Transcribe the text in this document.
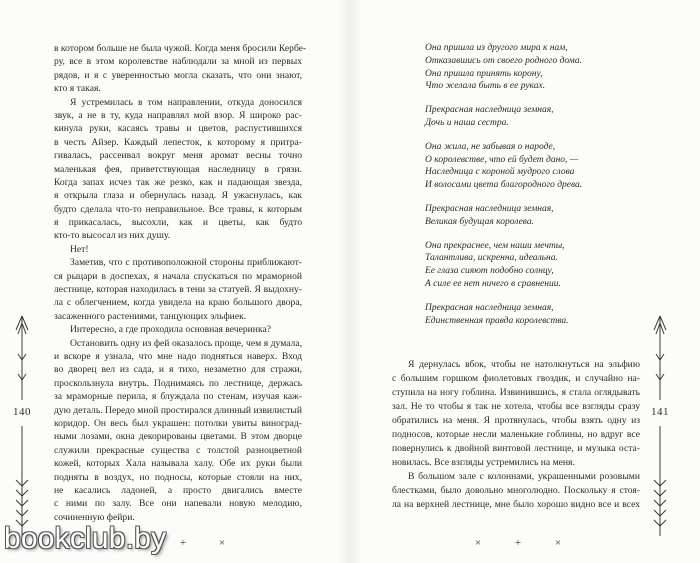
в котором больше не была чужой. Когда меня бросили Кербе-
ру, все в этом королевстве наблюдали за мной из первых
рядов, и я с уверенностью могла сказать, что они знают,
кто я такая.
Я устремилась в том направлении, откуда доносился
звук, а не в ту, куда направлял мой взор. Я широко рас-
кинула руки, касаясь травы и цветов, распустившихся
в честь Айзер. Каждый лепесток, к которому я притра-
гивалась, рассеивал вокруг меня аромат весны точно
маленькая фея, приветствующая наследницу в грязи.
Когда запах исчез так же резко, как и падающая звезда,
я открыла глаза и обернулась назад. Я ужаснулась, как
будто сделала что-то неправильное. Все травы, к которым
я прикасалась, высохли, как и цветы, как будто
кто-то высосал из них душу.
Нет!
Заметив, что с противоположной стороны приближают-
ся рыцари в доспехах, я начала спускаться по мраморной
лестнице, которая находилась в тени за статуей. Я выдохну-
ла с облегчением, когда увидела на краю большого двора,
засаженного растениями, танцующих эльфиек.
Интересно, а где проходила основная вечеринка?
Остановить одну из фей оказалось проще, чем я думала,
и вскоре я узнала, что мне надо подняться наверх. Вход
во дворец вел из сада, и я тихо, незаметно для стражи,
проскользнула внутрь. Поднимаясь по лестнице, держась
за мраморные перила, я блуждала по стенам, изучая каж-
дую деталь. Передо мной простирался длинный извилистый
коридор. Он весь был украшен: потолки увиты виноград-
ными лозами, окна декорированы цветами. В этом дворце
служили прекрасные существа с толстой разноцветной
кожей, которых Хала называла халу. Обе их руки были
подняты в воздух, но подносы, которые стояли на них,
не касались ладоней, а просто двигались вместе
с ними по залу. Все они напевали новую мелодию,
сочиненную фейри.
140
+	×
Она пришла из другого мира к нам,
Отказавшись от своего родного дома.
Она пришла принять корону,
Что желала быть в ее руках.
Прекрасная наследница земная,
Дочь и наша сестра.
Она жила, не забывая о народе,
О королевстве, что ей будет дано, —
Наследница с короной мудрого слова
И волосами цвета благородного древа.
Прекрасная наследница земная,
Великая будущая королева.
Она прекраснее, чем наши мечты,
Талантлива, искренна, идеальна.
Ее глаза сияют подобно солнцу,
А силе ее нет ничего в сравнении.
Прекрасная наследница земная,
Единственная правда королевства.
Я дернулась вбок, чтобы не натолкнуться на эльфию
с большим горшком фиолетовых гвоздик, и случайно на-
ступила на ногу гоблина. Извинившись, я стала оглядывать
зал. Не то чтобы я так не хотела, чтобы все взгляды сразу
обратились на меня. Я протянулась, чтобы взять одну из
подносов, которые несли маленькие гоблины, но вдруг все
повернулись к двойной винтовой лестнице, и музыка оста-
новилась. Все взгляды устремились на меня.
В большом зале с колоннами, украшенными розовыми
блестками, было довольно многолюдно. Поскольку я стоя-
ла на верхней лестнице, мне было хорошо видно все и всех
141
×	+	×
bookclub.by
